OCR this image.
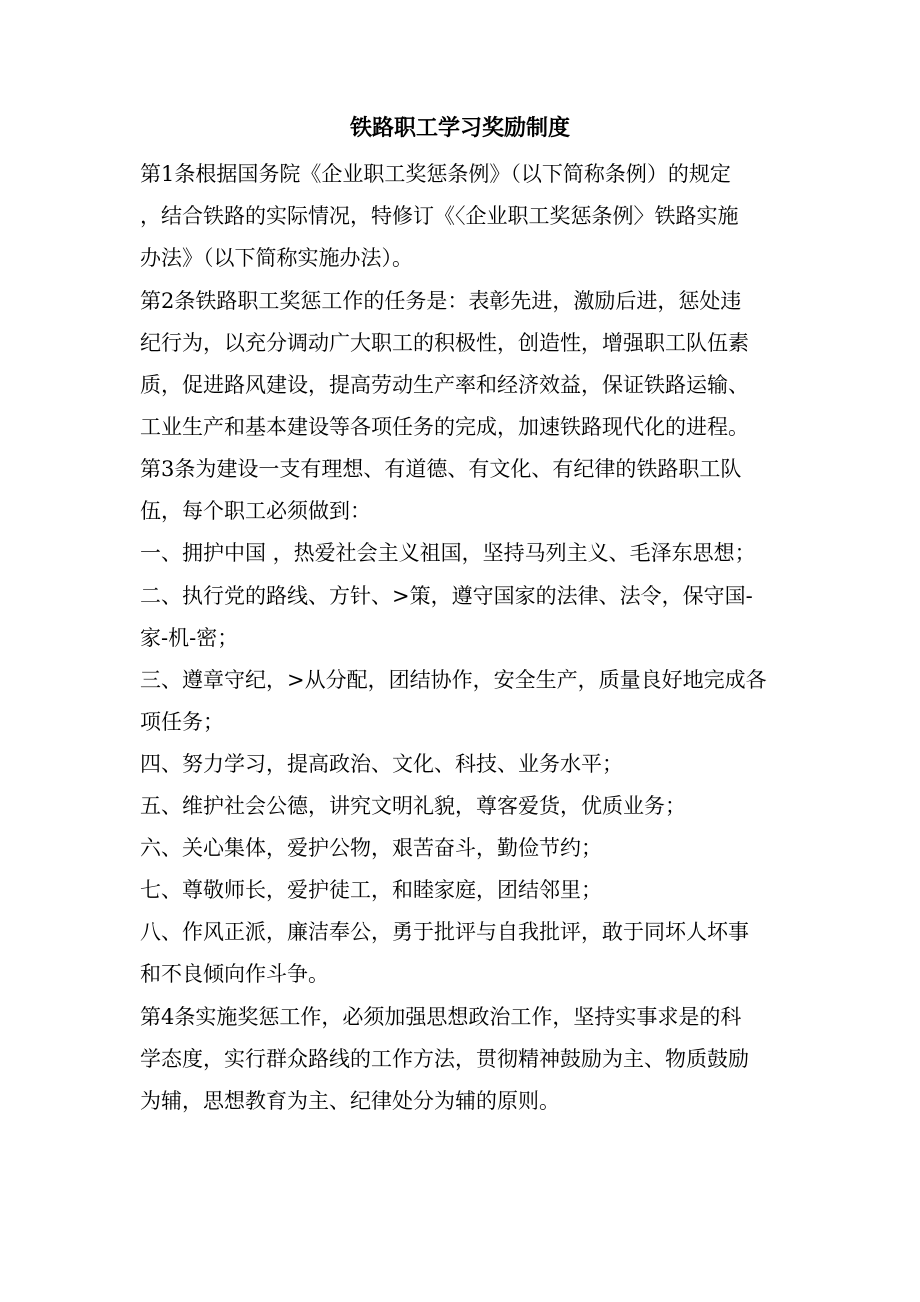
铁路职工学习奖励制度
第1条根据国务院《企业职工奖惩条例》（以下简称条例）的规定
，结合铁路的实际情况，特修订《〈企业职工奖惩条例〉铁路实施
办法》（以下简称实施办法）。
第2条铁路职工奖惩工作的任务是：表彰先进，激励后进，惩处违
纪行为，以充分调动广大职工的积极性，创造性，增强职工队伍素
质，促进路风建设，提高劳动生产率和经济效益，保证铁路运输、
工业生产和基本建设等各项任务的完成，加速铁路现代化的进程。
第3条为建设一支有理想、有道德、有文化、有纪律的铁路职工队
伍，每个职工必须做到：
一、拥护中国 ，热爱社会主义祖国，坚持马列主义、毛泽东思想；
二、执行党的路线、方针、>策，遵守国家的法律、法令，保守国-
家-机-密；
三、遵章守纪，>从分配，团结协作，安全生产，质量良好地完成各
项任务；
四、努力学习，提高政治、文化、科技、业务水平；
五、维护社会公德，讲究文明礼貌，尊客爱货，优质业务；
六、关心集体，爱护公物，艰苦奋斗，勤俭节约；
七、尊敬师长，爱护徒工，和睦家庭，团结邻里；
八、作风正派，廉洁奉公，勇于批评与自我批评，敢于同坏人坏事
和不良倾向作斗争。
第4条实施奖惩工作，必须加强思想政治工作，坚持实事求是的科
学态度，实行群众路线的工作方法，贯彻精神鼓励为主、物质鼓励
为辅，思想教育为主、纪律处分为辅的原则。
